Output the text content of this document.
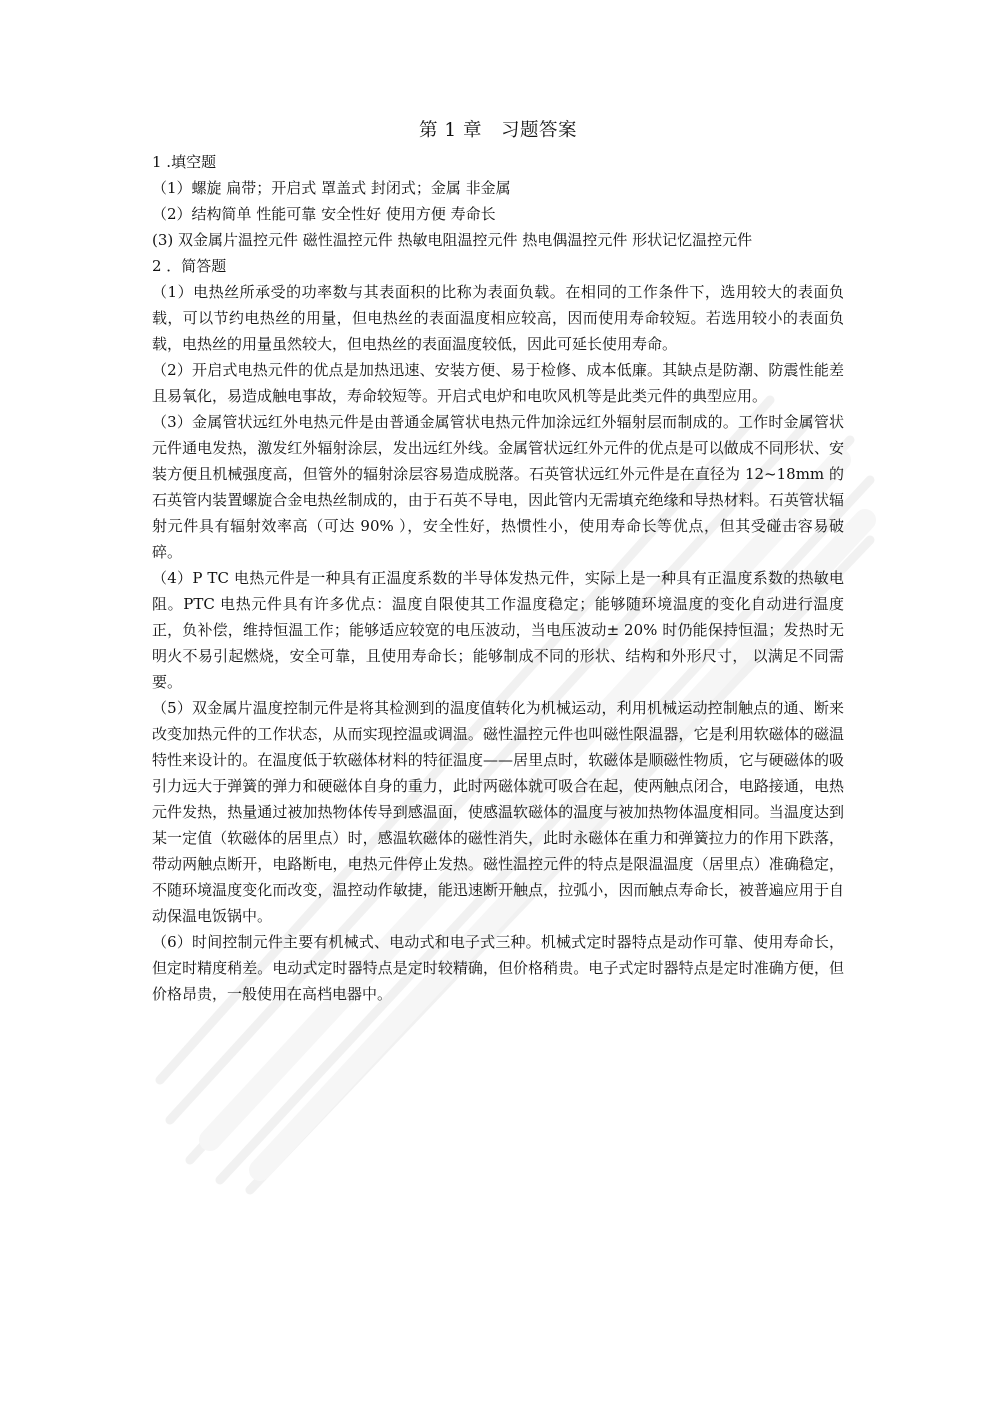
第 1 章　习题答案

1 .填空题

（1）螺旋 扁带；开启式 罩盖式 封闭式；金属 非金属

（2）结构简单 性能可靠 安全性好 使用方便 寿命长

(3) 双金属片温控元件 磁性温控元件 热敏电阻温控元件 热电偶温控元件 形状记忆温控元件

2 ．简答题

（1）电热丝所承受的功率数与其表面积的比称为表面负载。在相同的工作条件下，选用较大的表面负载，可以节约电热丝的用量，但电热丝的表面温度相应较高，因而使用寿命较短。若选用较小的表面负载，电热丝的用量虽然较大，但电热丝的表面温度较低，因此可延长使用寿命。

（2）开启式电热元件的优点是加热迅速、安装方便、易于检修、成本低廉。其缺点是防潮、防震性能差且易氧化，易造成触电事故，寿命较短等。开启式电炉和电吹风机等是此类元件的典型应用。

（3）金属管状远红外电热元件是由普通金属管状电热元件加涂远红外辐射层而制成的。工作时金属管状元件通电发热，激发红外辐射涂层，发出远红外线。金属管状远红外元件的优点是可以做成不同形状、安装方便且机械强度高，但管外的辐射涂层容易造成脱落。石英管状远红外元件是在直径为 12~18mm 的石英管内装置螺旋合金电热丝制成的，由于石英不导电，因此管内无需填充绝缘和导热材料。石英管状辐射元件具有辐射效率高（可达 90% ），安全性好，热惯性小，使用寿命长等优点，但其受碰击容易破碎。

（4）P TC 电热元件是一种具有正温度系数的半导体发热元件，实际上是一种具有正温度系数的热敏电阻。PTC 电热元件具有许多优点：温度自限使其工作温度稳定；能够随环境温度的变化自动进行温度正，负补偿，维持恒温工作；能够适应较宽的电压波动，当电压波动± 20% 时仍能保持恒温；发热时无明火不易引起燃烧，安全可靠，且使用寿命长；能够制成不同的形状、结构和外形尺寸， 以满足不同需要。

（5）双金属片温度控制元件是将其检测到的温度值转化为机械运动，利用机械运动控制触点的通、断来改变加热元件的工作状态，从而实现控温或调温。磁性温控元件也叫磁性限温器，它是利用软磁体的磁温特性来设计的。在温度低于软磁体材料的特征温度——居里点时，软磁体是顺磁性物质，它与硬磁体的吸引力远大于弹簧的弹力和硬磁体自身的重力，此时两磁体就可吸合在起，使两触点闭合，电路接通，电热元件发热，热量通过被加热物体传导到感温面，使感温软磁体的温度与被加热物体温度相同。当温度达到某一定值（软磁体的居里点）时，感温软磁体的磁性消失，此时永磁体在重力和弹簧拉力的作用下跌落，带动两触点断开，电路断电，电热元件停止发热。磁性温控元件的特点是限温温度（居里点）准确稳定，不随环境温度变化而改变，温控动作敏捷，能迅速断开触点，拉弧小，因而触点寿命长，被普遍应用于自动保温电饭锅中。

（6）时间控制元件主要有机械式、电动式和电子式三种。机械式定时器特点是动作可靠、使用寿命长，但定时精度稍差。电动式定时器特点是定时较精确，但价格稍贵。电子式定时器特点是定时准确方便，但价格昂贵，一般使用在高档电器中。
